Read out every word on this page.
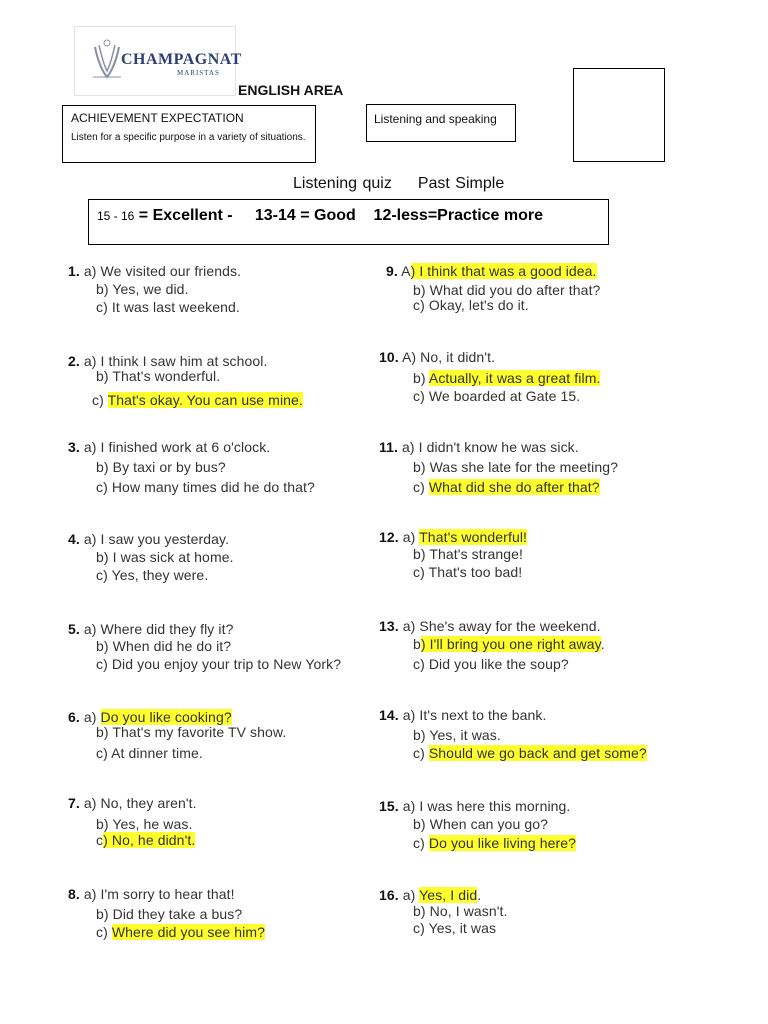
CHAMPAGNAT
MARISTAS
ENGLISH AREA
ACHIEVEMENT EXPECTATION
Listen for a specific purpose in a variety of situations.
Listening and speaking
Listening quiz Past Simple
15 - 16 = Excellent -     13-14 = Good    12-less=Practice more
1. a) We visited our friends.
b) Yes, we did.
c) It was last weekend.
2. a) I think I saw him at school.
b) That's wonderful.
c) That's okay. You can use mine.
3. a) I finished work at 6 o'clock.
b) By taxi or by bus?
c) How many times did he do that?
4. a) I saw you yesterday.
b) I was sick at home.
c) Yes, they were.
5. a) Where did they fly it?
b) When did he do it?
c) Did you enjoy your trip to New York?
6. a) Do you like cooking?
b) That's my favorite TV show.
c) At dinner time.
7. a) No, they aren't.
b) Yes, he was.
c) No, he didn't.
8. a) I'm sorry to hear that!
b) Did they take a bus?
c) Where did you see him?
9. A) I think that was a good idea.
b) What did you do after that?
c) Okay, let's do it.
10. A) No, it didn't.
b) Actually, it was a great film.
c) We boarded at Gate 15.
11. a) I didn't know he was sick.
b) Was she late for the meeting?
c) What did she do after that?
12. a) That's wonderful!
b) That's strange!
c) That's too bad!
13. a) She's away for the weekend.
b) I'll bring you one right away.
c) Did you like the soup?
14. a) It's next to the bank.
b) Yes, it was.
c) Should we go back and get some?
15. a) I was here this morning.
b) When can you go?
c) Do you like living here?
16. a) Yes, I did.
b) No, I wasn't.
c) Yes, it was
